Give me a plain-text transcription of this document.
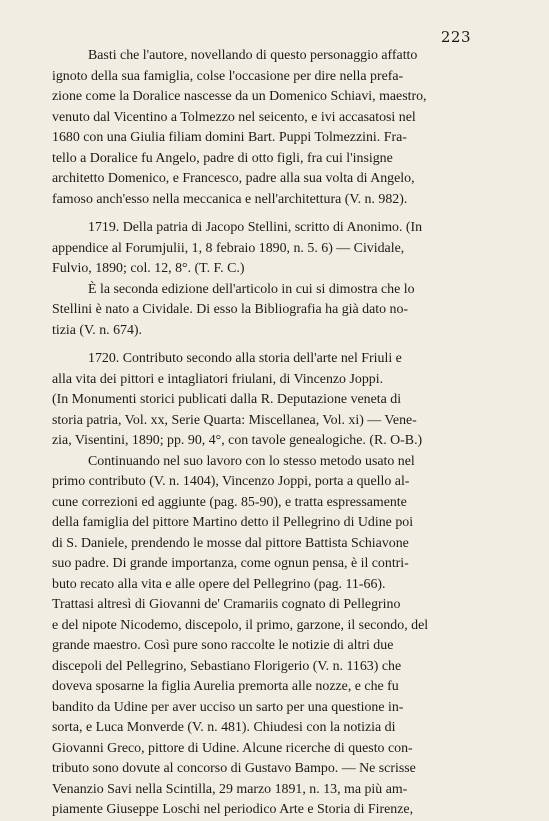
223
Basti che l'autore, novellando di questo personaggio affatto
ignoto della sua famiglia, colse l'occasione per dire nella prefa-
zione come la Doralice nascesse da un Domenico Schiavi, maestro,
venuto dal Vicentino a Tolmezzo nel seicento, e ivi accasatosi nel
1680 con una Giulia filiam domini Bart. Puppi Tolmezzini. Fra-
tello a Doralice fu Angelo, padre di otto figli, fra cui l'insigne
architetto Domenico, e Francesco, padre alla sua volta di Angelo,
famoso anch'esso nella meccanica e nell'architettura (V. n. 982).
1719. Della patria di Jacopo Stellini, scritto di Anonimo. (In
appendice al Forumjulii, 1, 8 febraio 1890, n. 5. 6) — Cividale,
Fulvio, 1890; col. 12, 8°. (T. F. C.)
È la seconda edizione dell'articolo in cui si dimostra che lo
Stellini è nato a Cividale. Di esso la Bibliografia ha già dato no-
tizia (V. n. 674).
1720. Contributo secondo alla storia dell'arte nel Friuli e
alla vita dei pittori e intagliatori friulani, di Vincenzo Joppi.
(In Monumenti storici publicati dalla R. Deputazione veneta di
storia patria, Vol. xx, Serie Quarta: Miscellanea, Vol. xi) — Vene-
zia, Visentini, 1890; pp. 90, 4°, con tavole genealogiche. (R. O-B.)
Continuando nel suo lavoro con lo stesso metodo usato nel
primo contributo (V. n. 1404), Vincenzo Joppi, porta a quello al-
cune correzioni ed aggiunte (pag. 85-90), e tratta espressamente
della famiglia del pittore Martino detto il Pellegrino di Udine poi
di S. Daniele, prendendo le mosse dal pittore Battista Schiavone
suo padre. Di grande importanza, come ognun pensa, è il contri-
buto recato alla vita e alle opere del Pellegrino (pag. 11-66).
Trattasi altresì di Giovanni de' Cramariis cognato di Pellegrino
e del nipote Nicodemo, discepolo, il primo, garzone, il secondo, del
grande maestro. Così pure sono raccolte le notizie di altri due
discepoli del Pellegrino, Sebastiano Florigerio (V. n. 1163) che
doveva sposarne la figlia Aurelia premorta alle nozze, e che fu
bandito da Udine per aver ucciso un sarto per una questione in-
sorta, e Luca Monverde (V. n. 481). Chiudesi con la notizia di
Giovanni Greco, pittore di Udine. Alcune ricerche di questo con-
tributo sono dovute al concorso di Gustavo Bampo. — Ne scrisse
Venanzio Savi nella Scintilla, 29 marzo 1891, n. 13, ma più am-
piamente Giuseppe Loschi nel periodico Arte e Storia di Firenze,
